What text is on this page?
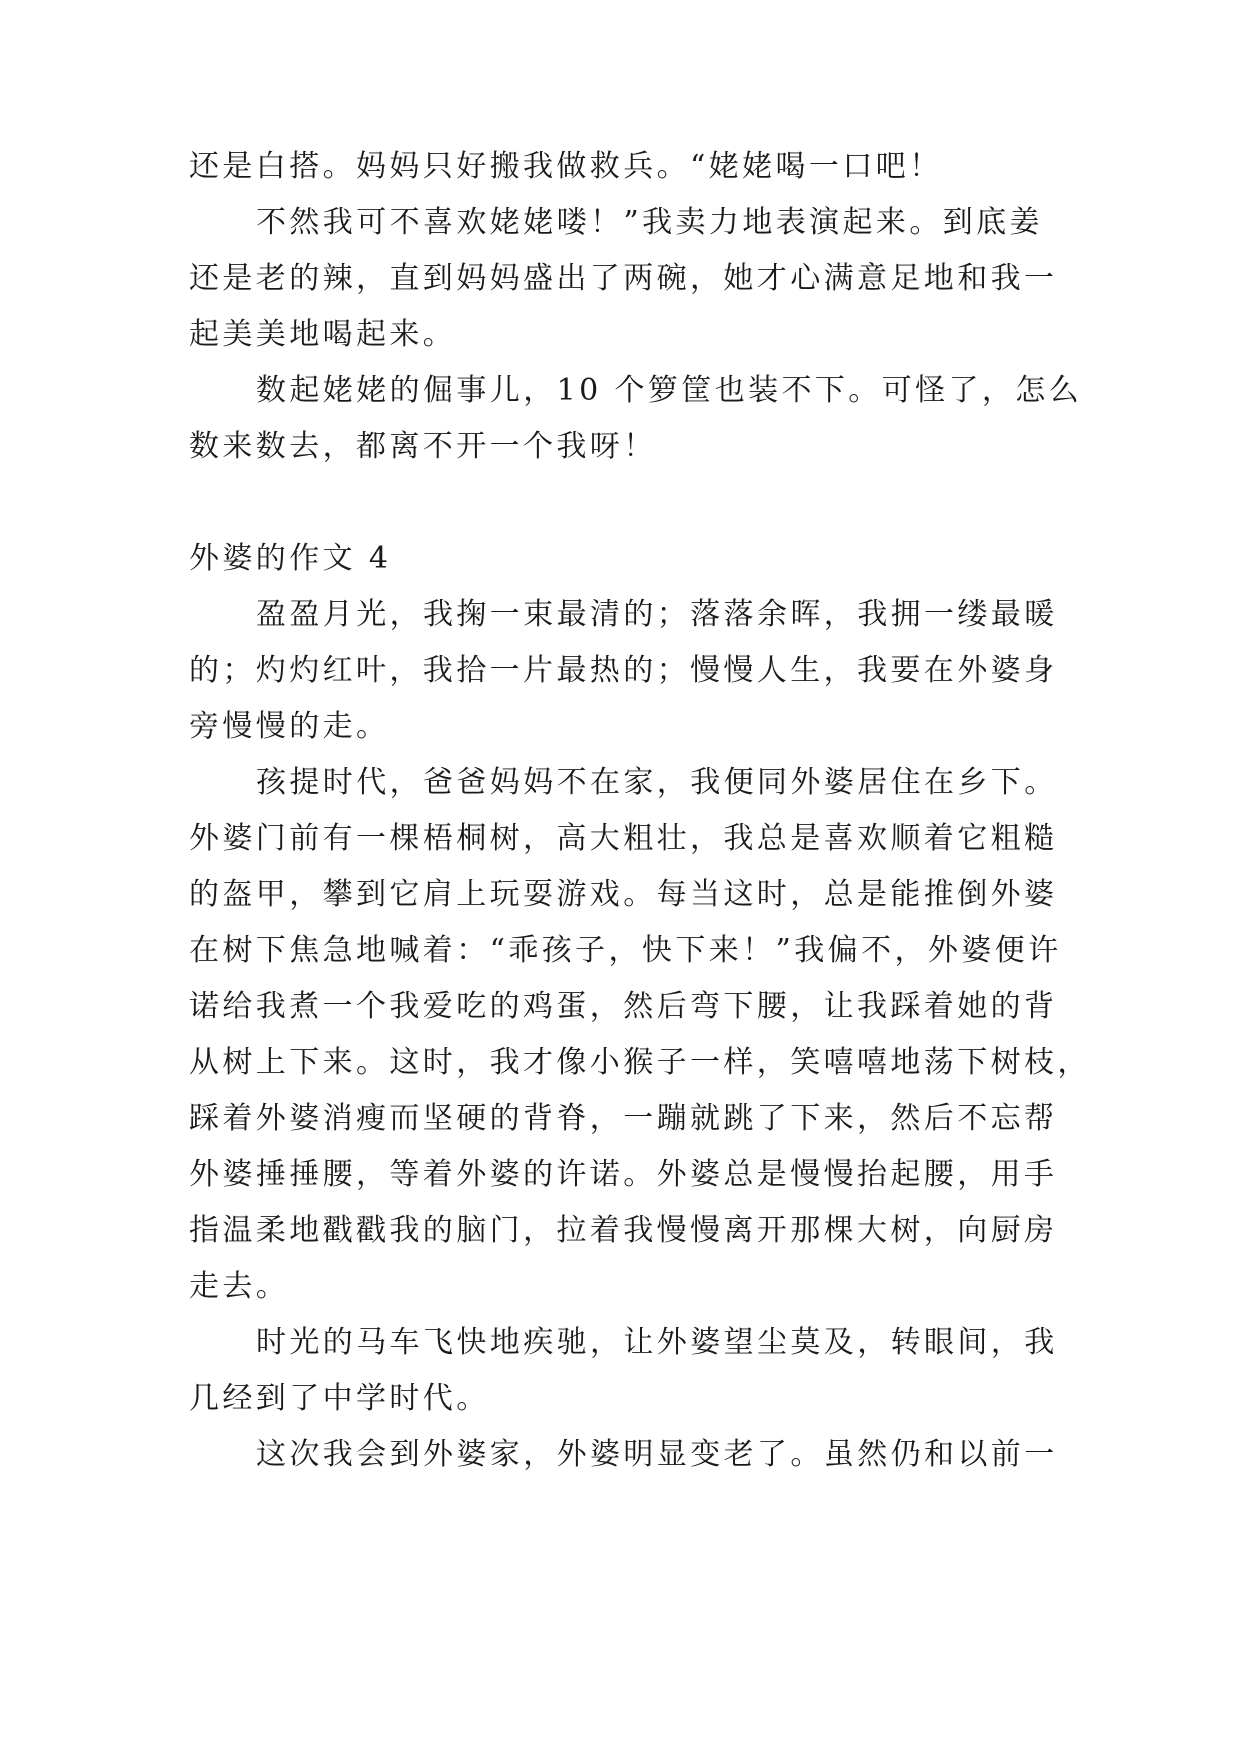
还是白搭。妈妈只好搬我做救兵。“姥姥喝一口吧！
不然我可不喜欢姥姥喽！”我卖力地表演起来。到底姜
还是老的辣，直到妈妈盛出了两碗，她才心满意足地和我一
起美美地喝起来。
数起姥姥的倔事儿，10 个箩筐也装不下。可怪了，怎么
数来数去，都离不开一个我呀！
外婆的作文 4
盈盈月光，我掬一束最清的；落落余晖，我拥一缕最暖
的；灼灼红叶，我拾一片最热的；慢慢人生，我要在外婆身
旁慢慢的走。
孩提时代，爸爸妈妈不在家，我便同外婆居住在乡下。
外婆门前有一棵梧桐树，高大粗壮，我总是喜欢顺着它粗糙
的盔甲，攀到它肩上玩耍游戏。每当这时，总是能推倒外婆
在树下焦急地喊着：“乖孩子，快下来！”我偏不，外婆便许
诺给我煮一个我爱吃的鸡蛋，然后弯下腰，让我踩着她的背
从树上下来。这时，我才像小猴子一样，笑嘻嘻地荡下树枝，
踩着外婆消瘦而坚硬的背脊，一蹦就跳了下来，然后不忘帮
外婆捶捶腰，等着外婆的许诺。外婆总是慢慢抬起腰，用手
指温柔地戳戳我的脑门，拉着我慢慢离开那棵大树，向厨房
走去。
时光的马车飞快地疾驰，让外婆望尘莫及，转眼间，我
几经到了中学时代。
这次我会到外婆家，外婆明显变老了。虽然仍和以前一
